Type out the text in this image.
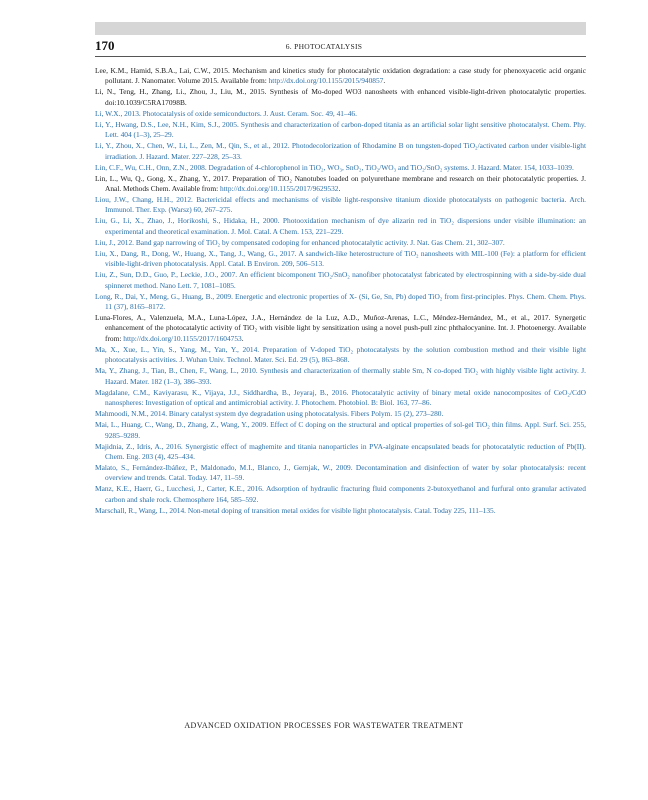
170	6. PHOTOCATALYSIS

Lee, K.M., Hamid, S.B.A., Lai, C.W., 2015. Mechanism and kinetics study for photocatalytic oxidation degradation: a case study for phenoxyacetic acid organic pollutant. J. Nanomater. Volume 2015. Available from: http://dx.doi.org/10.1155/2015/940857.

Li, N., Teng, H., Zhang, Li., Zhou, J., Liu, M., 2015. Synthesis of Mo-doped WO3 nanosheets with enhanced visible-light-driven photocatalytic properties. doi:10.1039/C5RA17098B.

Li, W.X., 2013. Photocatalysis of oxide semiconductors. J. Aust. Ceram. Soc. 49, 41–46.

Li, Y., Hwang, D.S., Lee, N.H., Kim, S.J., 2005. Synthesis and characterization of carbon-doped titania as an artificial solar light sensitive photocatalyst. Chem. Phy. Lett. 404 (1–3), 25–29.

Li, Y., Zhou, X., Chen, W., Li, L., Zen, M., Qin, S., et al., 2012. Photodecolorization of Rhodamine B on tungsten-doped TiO₂/activated carbon under visible-light irradiation. J. Hazard. Mater. 227–228, 25–33.

Lin, C.F., Wu, C.H., Onn, Z.N., 2008. Degradation of 4-chlorophenol in TiO₂, WO₃, SnO₂, TiO₂/WO₃ and TiO₂/SnO₂ systems. J. Hazard. Mater. 154, 1033–1039.

Lin, L., Wu, Q., Gong, X., Zhang, Y., 2017. Preparation of TiO₂ Nanotubes loaded on polyurethane membrane and research on their photocatalytic properties. J. Anal. Methods Chem. Available from: http://dx.doi.org/10.1155/2017/9629532.

Liou, J.W., Chang, H.H., 2012. Bactericidal effects and mechanisms of visible light-responsive titanium dioxide photocatalysts on pathogenic bacteria. Arch. Immunol. Ther. Exp. (Warsz) 60, 267–275.

Liu, G., Li, X., Zhao, J., Horikoshi, S., Hidaka, H., 2000. Photooxidation mechanism of dye alizarin red in TiO₂ dispersions under visible illumination: an experimental and theoretical examination. J. Mol. Catal. A Chem. 153, 221–229.

Liu, J., 2012. Band gap narrowing of TiO₂ by compensated codoping for enhanced photocatalytic activity. J. Nat. Gas Chem. 21, 302–307.

Liu, X., Dang, R., Dong, W., Huang, X., Tang, J., Wang, G., 2017. A sandwich-like heterostructure of TiO₂ nanosheets with MIL-100 (Fe): a platform for efficient visible-light-driven photocatalysis. Appl. Catal. B Environ. 209, 506–513.

Liu, Z., Sun, D.D., Guo, P., Leckie, J.O., 2007. An efficient bicomponent TiO₂/SnO₂ nanofiber photocatalyst fabricated by electrospinning with a side-by-side dual spinneret method. Nano Lett. 7, 1081–1085.

Long, R., Dai, Y., Meng, G., Huang, B., 2009. Energetic and electronic properties of X- (Si, Ge, Sn, Pb) doped TiO₂ from first-principles. Phys. Chem. Chem. Phys. 11 (37), 8165–8172.

Luna-Flores, A., Valenzuela, M.A., Luna-López, J.A., Hernández de la Luz, A.D., Muñoz-Arenas, L.C., Méndez-Hernández, M., et al., 2017. Synergetic enhancement of the photocatalytic activity of TiO₂ with visible light by sensitization using a novel push-pull zinc phthalocyanine. Int. J. Photoenergy. Available from: http://dx.doi.org/10.1155/2017/1604753.

Ma, X., Xue, L., Yin, S., Yang, M., Yan, Y., 2014. Preparation of V-doped TiO₂ photocatalysts by the solution combustion method and their visible light photocatalysis activities. J. Wuhan Univ. Technol. Mater. Sci. Ed. 29 (5), 863–868.

Ma, Y., Zhang, J., Tian, B., Chen, F., Wang, L., 2010. Synthesis and characterization of thermally stable Sm, N co-doped TiO₂ with highly visible light activity. J. Hazard. Mater. 182 (1–3), 386–393.

Magdalane, C.M., Kaviyarasu, K., Vijaya, J.J., Siddhardha, B., Jeyaraj, B., 2016. Photocatalytic activity of binary metal oxide nanocomposites of CeO₂/CdO nanospheres: Investigation of optical and antimicrobial activity. J. Photochem. Photobiol. B: Biol. 163, 77–86.

Mahmoodi, N.M., 2014. Binary catalyst system dye degradation using photocatalysis. Fibers Polym. 15 (2), 273–280.

Mai, L., Huang, C., Wang, D., Zhang, Z., Wang, Y., 2009. Effect of C doping on the structural and optical properties of sol-gel TiO₂ thin films. Appl. Surf. Sci. 255, 9285–9289.

Majidnia, Z., Idris, A., 2016. Synergistic effect of maghemite and titania nanoparticles in PVA-alginate encapsulated beads for photocatalytic reduction of Pb(II). Chem. Eng. 203 (4), 425–434.

Malato, S., Fernández-Ibáñez, P., Maldonado, M.I., Blanco, J., Gernjak, W., 2009. Decontamination and disinfection of water by solar photocatalysis: recent overview and trends. Catal. Today. 147, 11–59.

Manz, K.E., Haerr, G., Lucchesi, J., Carter, K.E., 2016. Adsorption of hydraulic fracturing fluid components 2-butoxyethanol and furfural onto granular activated carbon and shale rock. Chemosphere 164, 585–592.

Marschall, R., Wang, L., 2014. Non-metal doping of transition metal oxides for visible light photocatalysis. Catal. Today 225, 111–135.

ADVANCED OXIDATION PROCESSES FOR WASTEWATER TREATMENT
